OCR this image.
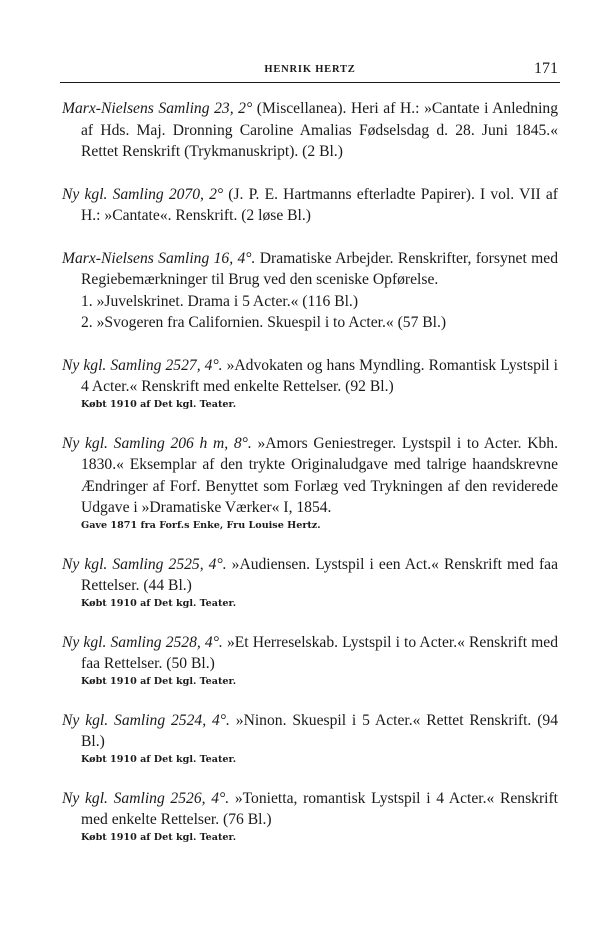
HENRIK HERTZ	171

Marx-Nielsens Samling 23, 2° (Miscellanea). Heri af H.: »Cantate i Anledning af Hds. Maj. Dronning Caroline Amalias Fødselsdag d. 28. Juni 1845.« Rettet Renskrift (Trykmanuskript). (2 Bl.)

Ny kgl. Samling 2070, 2° (J. P. E. Hartmanns efterladte Papirer). I vol. VII af H.: »Cantate«. Renskrift. (2 løse Bl.)

Marx-Nielsens Samling 16, 4°. Dramatiske Arbejder. Renskrifter, forsynet med Regiebemærkninger til Brug ved den sceniske Opførelse.

1. »Juvelskrinet. Drama i 5 Acter.« (116 Bl.)
2. »Svogeren fra Californien. Skuespil i to Acter.« (57 Bl.)

Ny kgl. Samling 2527, 4°. »Advokaten og hans Myndling. Romantisk Lystspil i 4 Acter.« Renskrift med enkelte Rettelser. (92 Bl.)

Købt 1910 af Det kgl. Teater.

Ny kgl. Samling 206 h m, 8°. »Amors Geniestreger. Lystspil i to Acter. Kbh. 1830.« Eksemplar af den trykte Originaludgave med talrige haandskrevne Ændringer af Forf. Benyttet som Forlæg ved Trykningen af den reviderede Udgave i »Dramatiske Værker« I, 1854.

Gave 1871 fra Forf.s Enke, Fru Louise Hertz.

Ny kgl. Samling 2525, 4°. »Audiensen. Lystspil i een Act.« Renskrift med faa Rettelser. (44 Bl.)

Købt 1910 af Det kgl. Teater.

Ny kgl. Samling 2528, 4°. »Et Herreselskab. Lystspil i to Acter.« Renskrift med faa Rettelser. (50 Bl.)

Købt 1910 af Det kgl. Teater.

Ny kgl. Samling 2524, 4°. »Ninon. Skuespil i 5 Acter.« Rettet Renskrift. (94 Bl.)

Købt 1910 af Det kgl. Teater.

Ny kgl. Samling 2526, 4°. »Tonietta, romantisk Lystspil i 4 Acter.« Renskrift med enkelte Rettelser. (76 Bl.)

Købt 1910 af Det kgl. Teater.
